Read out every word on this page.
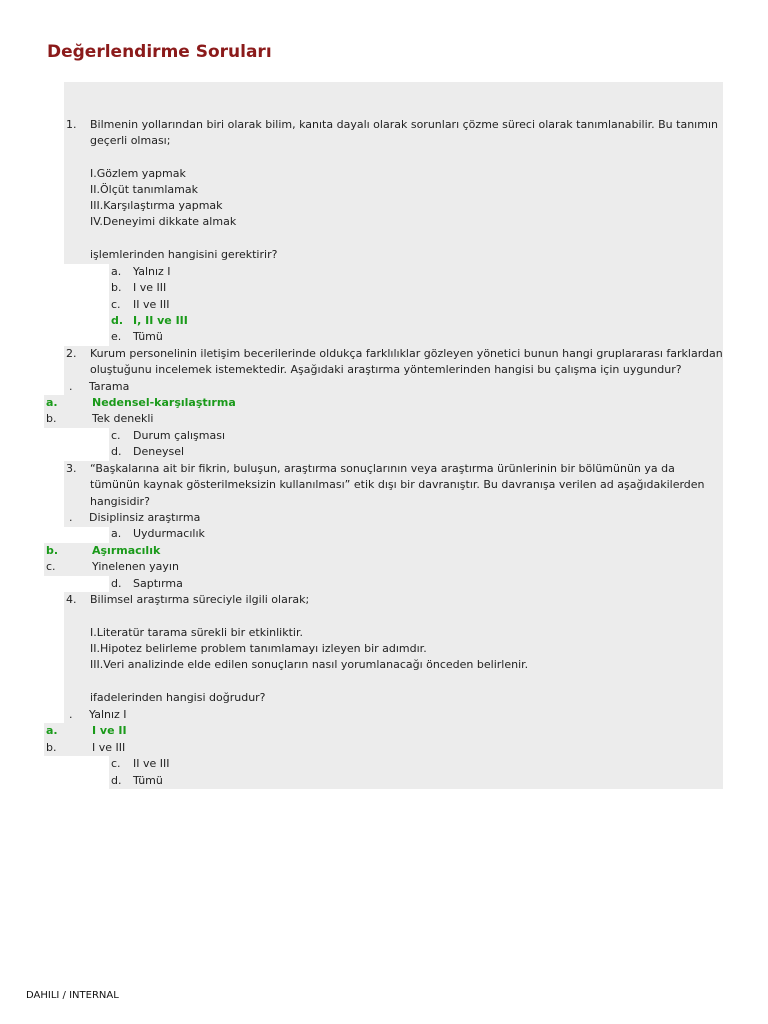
Değerlendirme Soruları
1. Bilmenin yollarından biri olarak bilim, kanıta dayalı olarak sorunları çözme süreci olarak tanımlanabilir. Bu tanımın
geçerli olması;
I.Gözlem yapmak
II.Ölçüt tanımlamak
III.Karşılaştırma yapmak
IV.Deneyimi dikkate almak
işlemlerinden hangisini gerektirir?
a. Yalnız I
b. I ve III
c. II ve III
d. I, II ve III
e. Tümü
2. Kurum personelinin iletişim becerilerinde oldukça farklılıklar gözleyen yönetici bunun hangi gruplararası farklardan
oluştuğunu incelemek istemektedir. Aşağıdaki araştırma yöntemlerinden hangisi bu çalışma için uygundur?
. Tarama
a.	Nedensel-karşılaştırma
b.	Tek denekli
c. Durum çalışması
d. Deneysel
3. “Başkalarına ait bir fikrin, buluşun, araştırma sonuçlarının veya araştırma ürünlerinin bir bölümünün ya da
tümünün kaynak gösterilmeksizin kullanılması” etik dışı bir davranıştır. Bu davranışa verilen ad aşağıdakilerden
hangisidir?
. Disiplinsiz araştırma
a. Uydurmacılık
b.	Aşırmacılık
c.	Yinelenen yayın
d. Saptırma
4. Bilimsel araştırma süreciyle ilgili olarak;
I.Literatür tarama sürekli bir etkinliktir.
II.Hipotez belirleme problem tanımlamayı izleyen bir adımdır.
III.Veri analizinde elde edilen sonuçların nasıl yorumlanacağı önceden belirlenir.
ifadelerinden hangisi doğrudur?
. Yalnız I
a.	I ve II
b.	I ve III
c. II ve III
d. Tümü
DAHILI / INTERNAL
